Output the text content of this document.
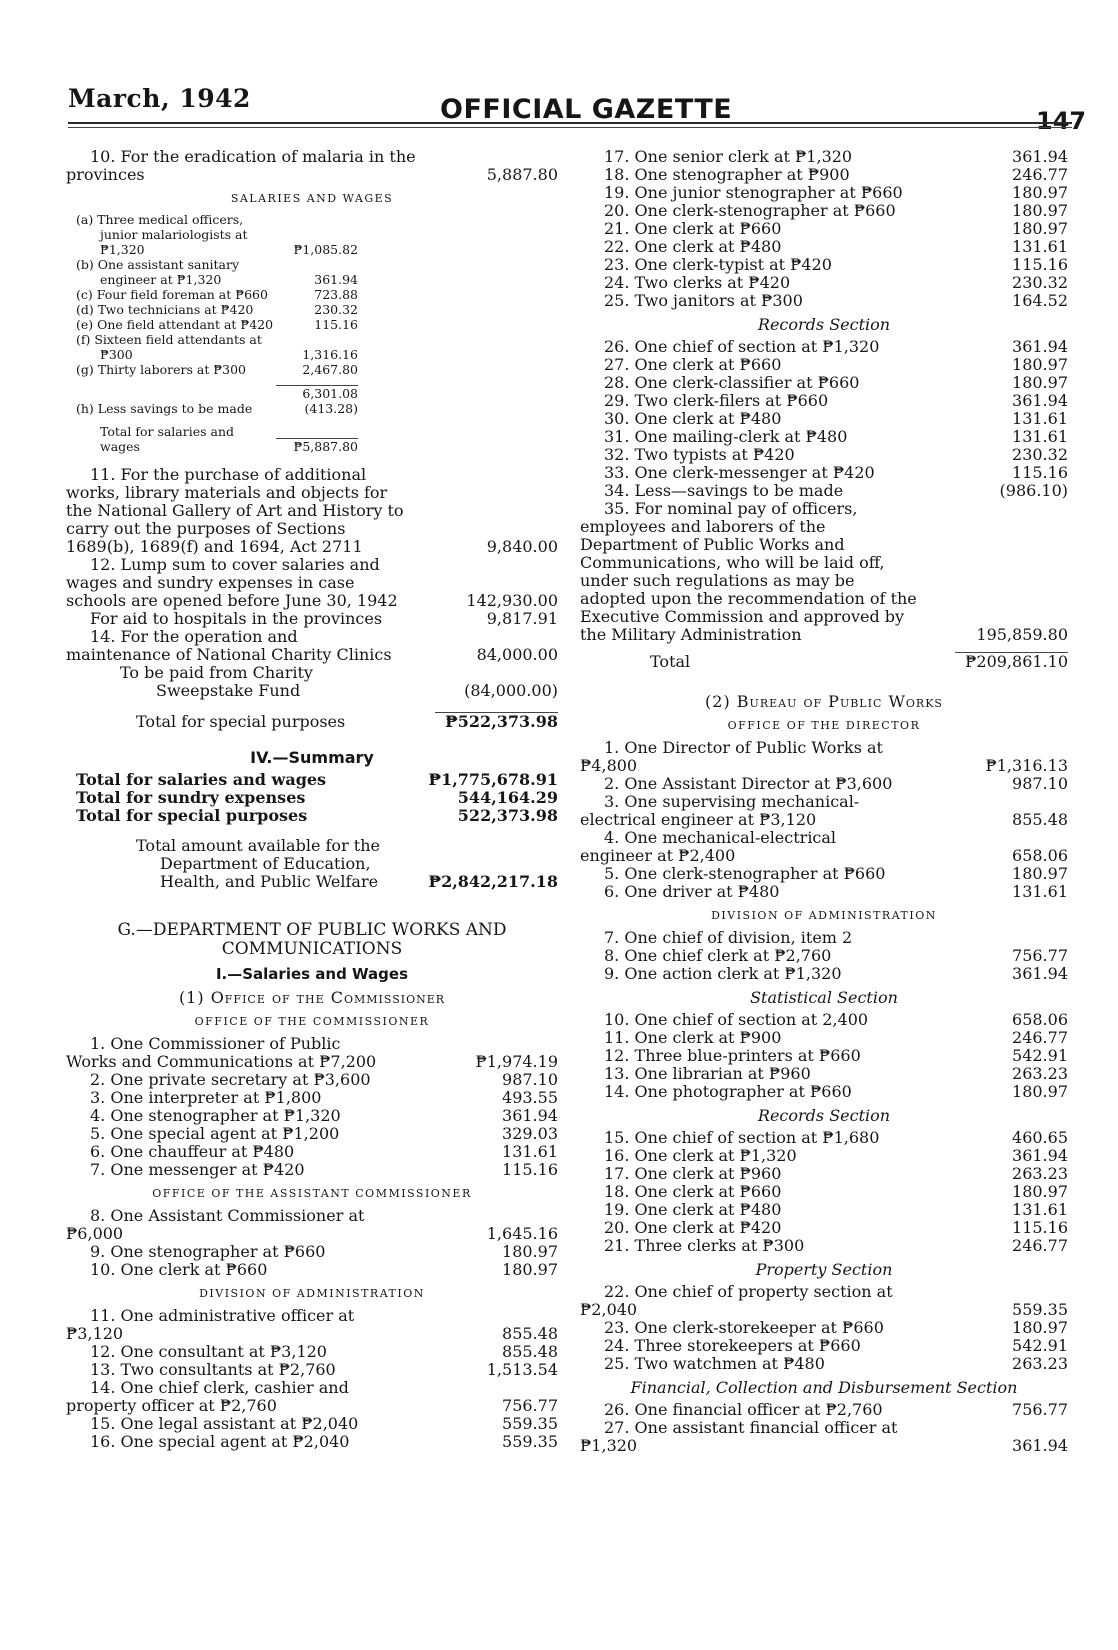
March, 1942	OFFICIAL GAZETTE	147
10. For the eradication of malaria in the provinces	5,887.80
SALARIES AND WAGES
(a) Three medical officers, junior malariologists at ₱1,320	₱1,085.82
(b) One assistant sanitary engineer at ₱1,320	361.94
(c) Four field foreman at ₱660	723.88
(d) Two technicians at ₱420	230.32
(e) One field attendant at ₱420	115.16
(f) Sixteen field attendants at ₱300	1,316.16
(g) Thirty laborers at ₱300	2,467.80
6,301.08
(h) Less savings to be made	(413.28)
Total for salaries and wages	₱5,887.80
11. For the purchase of additional works, library materials and objects for the National Gallery of Art and History to carry out the purposes of Sections 1689(b), 1689(f) and 1694, Act 2711	9,840.00
12. Lump sum to cover salaries and wages and sundry expenses in case schools are opened before June 30, 1942	142,930.00
For aid to hospitals in the provinces	9,817.91
14. For the operation and maintenance of National Charity Clinics	84,000.00
To be paid from Charity Sweepstake Fund	(84,000.00)
Total for special purposes	₱522,373.98
IV.—Summary
Total for salaries and wages	₱1,775,678.91
Total for sundry expenses	544,164.29
Total for special purposes	522,373.98
Total amount available for the Department of Education, Health, and Public Welfare	₱2,842,217.18
G.—DEPARTMENT OF PUBLIC WORKS AND COMMUNICATIONS
I.—Salaries and Wages
(1) Office of the Commissioner
OFFICE OF THE COMMISSIONER
1. One Commissioner of Public Works and Communications at ₱7,200	₱1,974.19
2. One private secretary at ₱3,600	987.10
3. One interpreter at ₱1,800	493.55
4. One stenographer at ₱1,320	361.94
5. One special agent at ₱1,200	329.03
6. One chauffeur at ₱480	131.61
7. One messenger at ₱420	115.16
OFFICE OF THE ASSISTANT COMMISSIONER
8. One Assistant Commissioner at ₱6,000	1,645.16
9. One stenographer at ₱660	180.97
10. One clerk at ₱660	180.97
DIVISION OF ADMINISTRATION
11. One administrative officer at ₱3,120	855.48
12. One consultant at ₱3,120	855.48
13. Two consultants at ₱2,760	1,513.54
14. One chief clerk, cashier and property officer at ₱2,760	756.77
15. One legal assistant at ₱2,040	559.35
16. One special agent at ₱2,040	559.35
17. One senior clerk at ₱1,320	361.94
18. One stenographer at ₱900	246.77
19. One junior stenographer at ₱660	180.97
20. One clerk-stenographer at ₱660	180.97
21. One clerk at ₱660	180.97
22. One clerk at ₱480	131.61
23. One clerk-typist at ₱420	115.16
24. Two clerks at ₱420	230.32
25. Two janitors at ₱300	164.52
Records Section
26. One chief of section at ₱1,320	361.94
27. One clerk at ₱660	180.97
28. One clerk-classifier at ₱660	180.97
29. Two clerk-filers at ₱660	361.94
30. One clerk at ₱480	131.61
31. One mailing-clerk at ₱480	131.61
32. Two typists at ₱420	230.32
33. One clerk-messenger at ₱420	115.16
34. Less—savings to be made	(986.10)
35. For nominal pay of officers, employees and laborers of the Department of Public Works and Communications, who will be laid off, under such regulations as may be adopted upon the recommendation of the Executive Commission and approved by the Military Administration	195,859.80
Total	₱209,861.10
(2) Bureau of Public Works
OFFICE OF THE DIRECTOR
1. One Director of Public Works at ₱4,800	₱1,316.13
2. One Assistant Director at ₱3,600	987.10
3. One supervising mechanical-electrical engineer at ₱3,120	855.48
4. One mechanical-electrical engineer at ₱2,400	658.06
5. One clerk-stenographer at ₱660	180.97
6. One driver at ₱480	131.61
DIVISION OF ADMINISTRATION
7. One chief of division, item 2
8. One chief clerk at ₱2,760	756.77
9. One action clerk at ₱1,320	361.94
Statistical Section
10. One chief of section at 2,400	658.06
11. One clerk at ₱900	246.77
12. Three blue-printers at ₱660	542.91
13. One librarian at ₱960	263.23
14. One photographer at ₱660	180.97
Records Section
15. One chief of section at ₱1,680	460.65
16. One clerk at ₱1,320	361.94
17. One clerk at ₱960	263.23
18. One clerk at ₱660	180.97
19. One clerk at ₱480	131.61
20. One clerk at ₱420	115.16
21. Three clerks at ₱300	246.77
Property Section
22. One chief of property section at ₱2,040	559.35
23. One clerk-storekeeper at ₱660	180.97
24. Three storekeepers at ₱660	542.91
25. Two watchmen at ₱480	263.23
Financial, Collection and Disbursement Section
26. One financial officer at ₱2,760	756.77
27. One assistant financial officer at ₱1,320	361.94
